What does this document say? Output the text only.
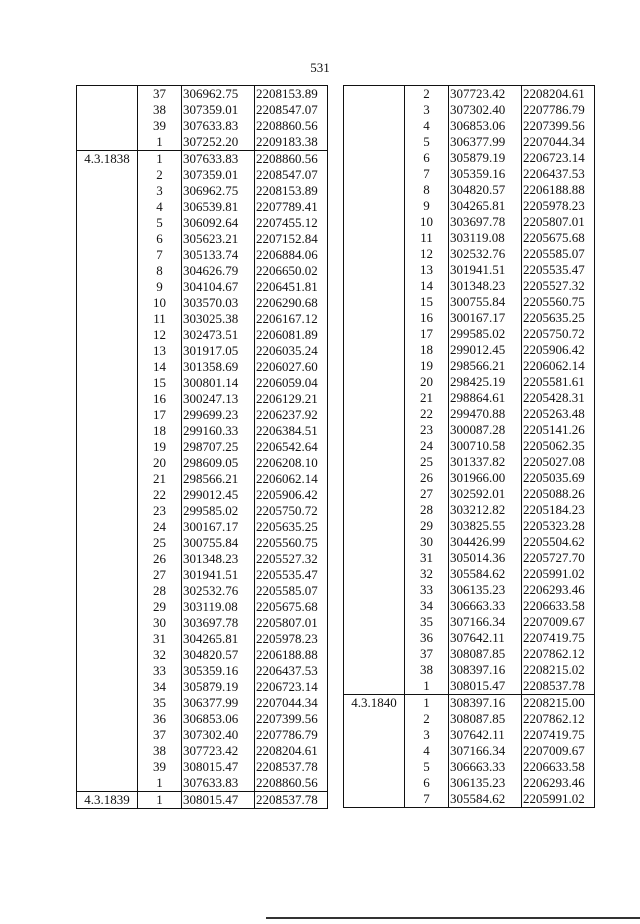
531
	37	306962.75	2208153.89
	38	307359.01	2208547.07
	39	307633.83	2208860.56
	1	307252.20	2209183.38
4.3.1838	1	307633.83	2208860.56
	2	307359.01	2208547.07
	3	306962.75	2208153.89
	4	306539.81	2207789.41
	5	306092.64	2207455.12
	6	305623.21	2207152.84
	7	305133.74	2206884.06
	8	304626.79	2206650.02
	9	304104.67	2206451.81
	10	303570.03	2206290.68
	11	303025.38	2206167.12
	12	302473.51	2206081.89
	13	301917.05	2206035.24
	14	301358.69	2206027.60
	15	300801.14	2206059.04
	16	300247.13	2206129.21
	17	299699.23	2206237.92
	18	299160.33	2206384.51
	19	298707.25	2206542.64
	20	298609.05	2206208.10
	21	298566.21	2206062.14
	22	299012.45	2205906.42
	23	299585.02	2205750.72
	24	300167.17	2205635.25
	25	300755.84	2205560.75
	26	301348.23	2205527.32
	27	301941.51	2205535.47
	28	302532.76	2205585.07
	29	303119.08	2205675.68
	30	303697.78	2205807.01
	31	304265.81	2205978.23
	32	304820.57	2206188.88
	33	305359.16	2206437.53
	34	305879.19	2206723.14
	35	306377.99	2207044.34
	36	306853.06	2207399.56
	37	307302.40	2207786.79
	38	307723.42	2208204.61
	39	308015.47	2208537.78
	1	307633.83	2208860.56
4.3.1839	1	308015.47	2208537.78
	2	307723.42	2208204.61
	3	307302.40	2207786.79
	4	306853.06	2207399.56
	5	306377.99	2207044.34
	6	305879.19	2206723.14
	7	305359.16	2206437.53
	8	304820.57	2206188.88
	9	304265.81	2205978.23
	10	303697.78	2205807.01
	11	303119.08	2205675.68
	12	302532.76	2205585.07
	13	301941.51	2205535.47
	14	301348.23	2205527.32
	15	300755.84	2205560.75
	16	300167.17	2205635.25
	17	299585.02	2205750.72
	18	299012.45	2205906.42
	19	298566.21	2206062.14
	20	298425.19	2205581.61
	21	298864.61	2205428.31
	22	299470.88	2205263.48
	23	300087.28	2205141.26
	24	300710.58	2205062.35
	25	301337.82	2205027.08
	26	301966.00	2205035.69
	27	302592.01	2205088.26
	28	303212.82	2205184.23
	29	303825.55	2205323.28
	30	304426.99	2205504.62
	31	305014.36	2205727.70
	32	305584.62	2205991.02
	33	306135.23	2206293.46
	34	306663.33	2206633.58
	35	307166.34	2207009.67
	36	307642.11	2207419.75
	37	308087.85	2207862.12
	38	308397.16	2208215.02
	1	308015.47	2208537.78
4.3.1840	1	308397.16	2208215.00
	2	308087.85	2207862.12
	3	307642.11	2207419.75
	4	307166.34	2207009.67
	5	306663.33	2206633.58
	6	306135.23	2206293.46
	7	305584.62	2205991.02
